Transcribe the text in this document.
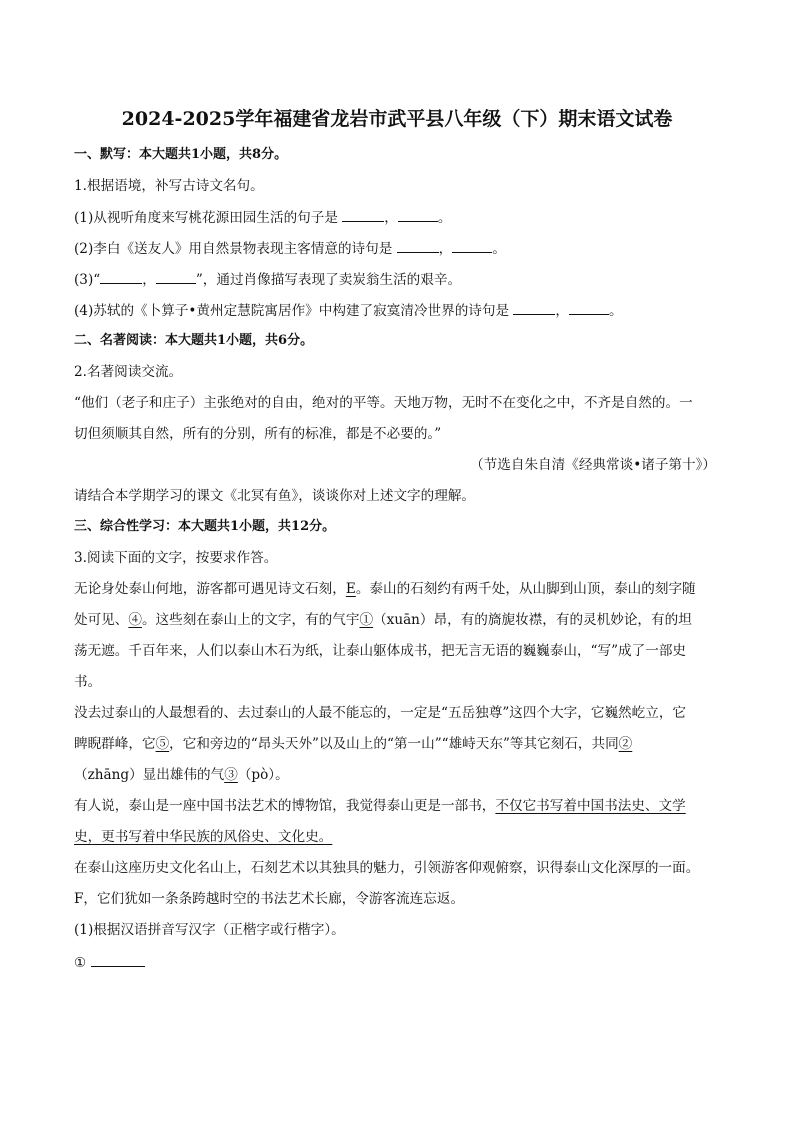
2024-2025学年福建省龙岩市武平县八年级（下）期末语文试卷
一、默写：本大题共1小题，共8分。
1.根据语境，补写古诗文名句。
(1)从视听角度来写桃花源田园生活的句子是	，	。
(2)李白《送友人》用自然景物表现主客情意的诗句是	，	。
(3)“	，	”，通过肖像描写表现了卖炭翁生活的艰辛。
(4)苏轼的《卜算子•黄州定慧院寓居作》中构建了寂寞清冷世界的诗句是	，	。
二、名著阅读：本大题共1小题，共6分。
2.名著阅读交流。
“他们（老子和庄子）主张绝对的自由，绝对的平等。天地万物，无时不在变化之中，不齐是自然的。一
切但须顺其自然，所有的分别，所有的标准，都是不必要的。”
（节选自朱自清《经典常谈•诸子第十》）
请结合本学期学习的课文《北冥有鱼》，谈谈你对上述文字的理解。
三、综合性学习：本大题共1小题，共12分。
3.阅读下面的文字，按要求作答。
无论身处泰山何地，游客都可遇见诗文石刻，E。泰山的石刻约有两千处，从山脚到山顶，泰山的刻字随
处可见、④。这些刻在泰山上的文字，有的气宇①（xuān）昂，有的旖旎妆襟，有的灵机妙论，有的坦
荡无遮。千百年来，人们以泰山木石为纸，让泰山躯体成书，把无言无语的巍巍泰山，“写”成了一部史
书。
没去过泰山的人最想看的、去过泰山的人最不能忘的，一定是“五岳独尊”这四个大字，它巍然屹立，它
睥睨群峰，它⑤，它和旁边的“昂头天外”以及山上的“第一山”“雄峙天东”等其它刻石，共同②
（zhāng）显出雄伟的气③（pò）。
有人说，泰山是一座中国书法艺术的博物馆，我觉得泰山更是一部书，不仅它书写着中国书法史、文学
史，更书写着中华民族的风俗史、文化史。
在泰山这座历史文化名山上，石刻艺术以其独具的魅力，引领游客仰观俯察，识得泰山文化深厚的一面。
F，它们犹如一条条跨越时空的书法艺术长廊，令游客流连忘返。
(1)根据汉语拼音写汉字（正楷字或行楷字）。
①
